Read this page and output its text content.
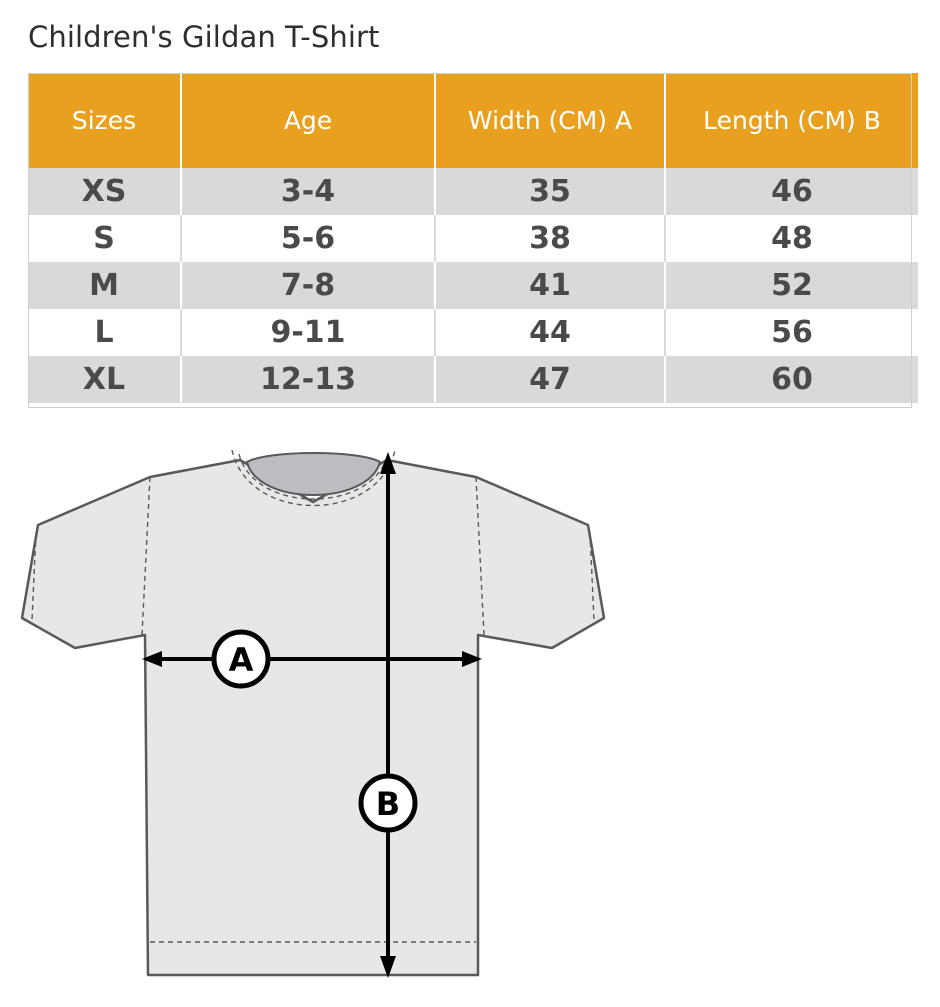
Children's Gildan T-Shirt
Sizes	Age	Width (CM) A	Length (CM) B
XS	3-4	35	46
S	5-6	38	48
M	7-8	41	52
L	9-11	44	56
XL	12-13	47	60
A
B
